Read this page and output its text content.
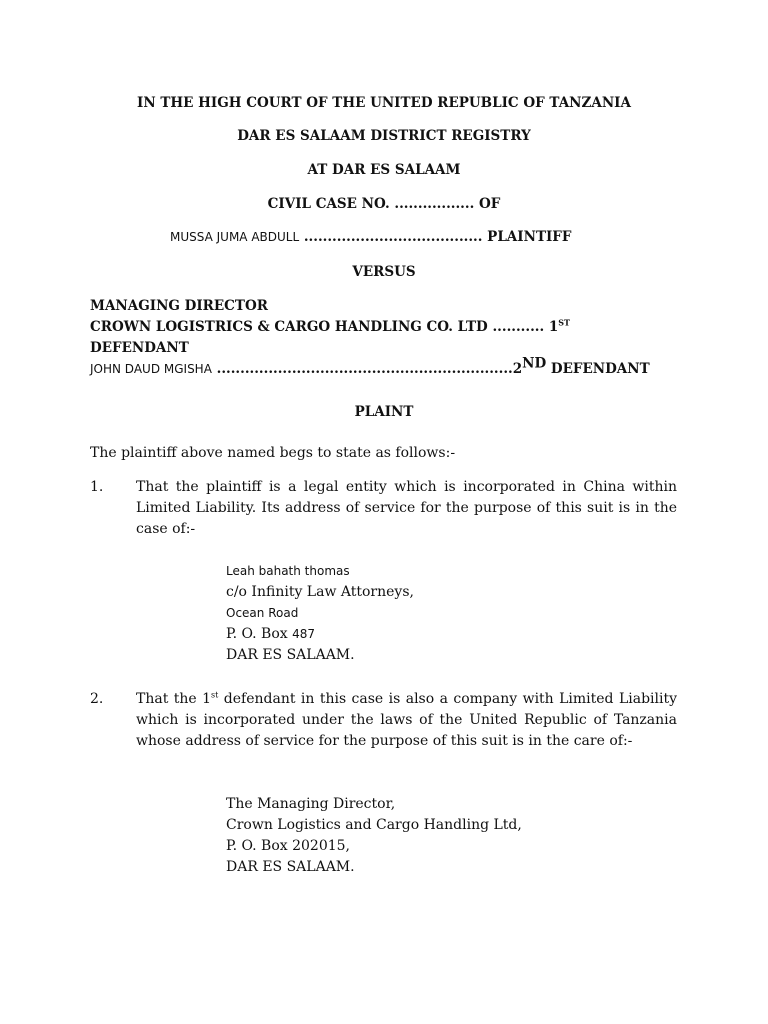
IN THE HIGH COURT OF THE UNITED REPUBLIC OF TANZANIA
DAR ES SALAAM DISTRICT REGISTRY
AT DAR ES SALAAM
CIVIL CASE NO. ................. OF
MUSSA JUMA ABDULL ...................................... PLAINTIFF
VERSUS
MANAGING DIRECTOR
CROWN LOGISTRICS & CARGO HANDLING CO. LTD ........... 1ST
DEFENDANT
JOHN DAUD MGISHA ...............................................................2ND DEFENDANT
PLAINT
The plaintiff above named begs to state as follows:-
1. That the plaintiff is a legal entity which is incorporated in China within Limited Liability. Its address of service for the purpose of this suit is in the case of:-
Leah bahath thomas
c/o Infinity Law Attorneys,
Ocean Road
P. O. Box 487
DAR ES SALAAM.
2. That the 1st defendant in this case is also a company with Limited Liability which is incorporated under the laws of the United Republic of Tanzania whose address of service for the purpose of this suit is in the care of:-
The Managing Director,
Crown Logistics and Cargo Handling Ltd,
P. O. Box 202015,
DAR ES SALAAM.
